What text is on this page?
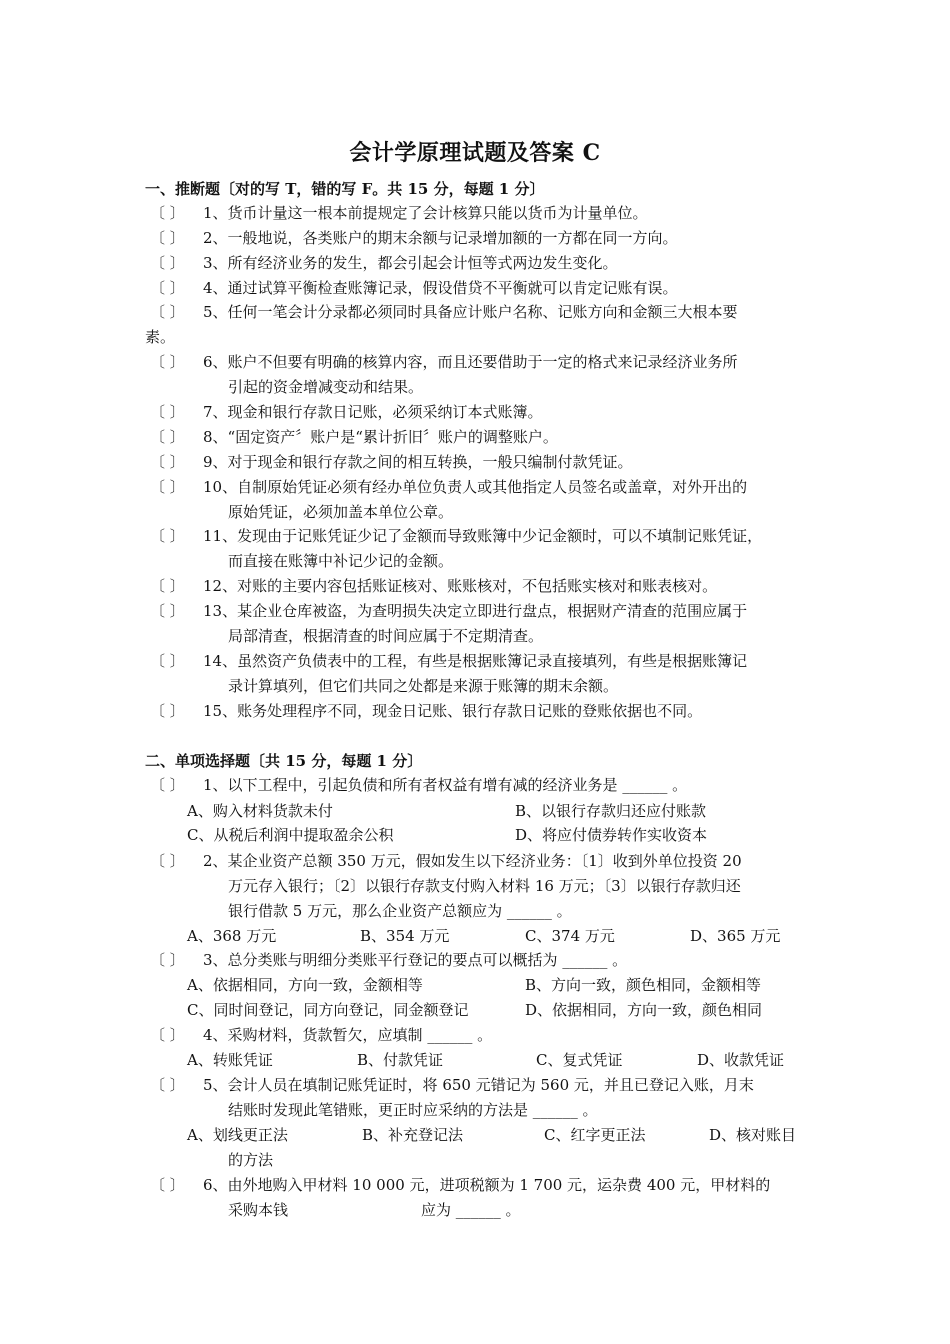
会计学原理试题及答案 C
一、推断题〔对的写 T，错的写 F。共 15 分，每题 1 分〕
〔 〕 1、货币计量这一根本前提规定了会计核算只能以货币为计量单位。
〔 〕 2、一般地说，各类账户的期末余额与记录增加额的一方都在同一方向。
〔 〕 3、所有经济业务的发生，都会引起会计恒等式两边发生变化。
〔 〕 4、通过试算平衡检查账簿记录，假设借贷不平衡就可以肯定记账有误。
〔 〕 5、任何一笔会计分录都必须同时具备应计账户名称、记账方向和金额三大根本要
素。
〔 〕 6、账户不但要有明确的核算内容，而且还要借助于一定的格式来记录经济业务所
引起的资金增减变动和结果。
〔 〕 7、现金和银行存款日记账，必须采纳订本式账簿。
〔 〕 8、“固定资产〞账户是“累计折旧〞账户的调整账户。
〔 〕 9、对于现金和银行存款之间的相互转换，一般只编制付款凭证。
〔 〕 10、自制原始凭证必须有经办单位负责人或其他指定人员签名或盖章，对外开出的
原始凭证，必须加盖本单位公章。
〔 〕 11、发现由于记账凭证少记了金额而导致账簿中少记金额时，可以不填制记账凭证，
而直接在账簿中补记少记的金额。
〔 〕 12、对账的主要内容包括账证核对、账账核对，不包括账实核对和账表核对。
〔 〕 13、某企业仓库被盗，为查明损失决定立即进行盘点，根据财产清查的范围应属于
局部清查，根据清查的时间应属于不定期清查。
〔 〕 14、虽然资产负债表中的工程，有些是根据账簿记录直接填列，有些是根据账簿记
录计算填列，但它们共同之处都是来源于账簿的期末余额。
〔 〕 15、账务处理程序不同，现金日记账、银行存款日记账的登账依据也不同。
二、单项选择题〔共 15 分，每题 1 分〕
〔 〕 1、以下工程中，引起负债和所有者权益有增有减的经济业务是 ______ 。
A、购入材料货款未付	B、以银行存款归还应付账款
C、从税后利润中提取盈余公积	D、将应付债券转作实收资本
〔 〕 2、某企业资产总额 350 万元，假如发生以下经济业务：〔1〕收到外单位投资 20
万元存入银行；〔2〕以银行存款支付购入材料 16 万元；〔3〕以银行存款归还
银行借款 5 万元，那么企业资产总额应为 ______ 。
A、368 万元	B、354 万元	C、374 万元	D、365 万元
〔 〕 3、总分类账与明细分类账平行登记的要点可以概括为 ______ 。
A、依据相同，方向一致，金额相等	B、方向一致，颜色相同，金额相等
C、同时间登记，同方向登记，同金额登记	D、依据相同，方向一致，颜色相同
〔 〕 4、采购材料，货款暂欠，应填制 ______ 。
A、转账凭证	B、付款凭证	C、复式凭证	D、收款凭证
〔 〕 5、会计人员在填制记账凭证时，将 650 元错记为 560 元，并且已登记入账，月末
结账时发现此笔错账，更正时应采纳的方法是 ______ 。
A、划线更正法	B、补充登记法	C、红字更正法	D、核对账目
的方法
〔 〕 6、由外地购入甲材料 10 000 元，进项税额为 1 700 元，运杂费 400 元，甲材料的
采购本钱	应为 ______ 。
